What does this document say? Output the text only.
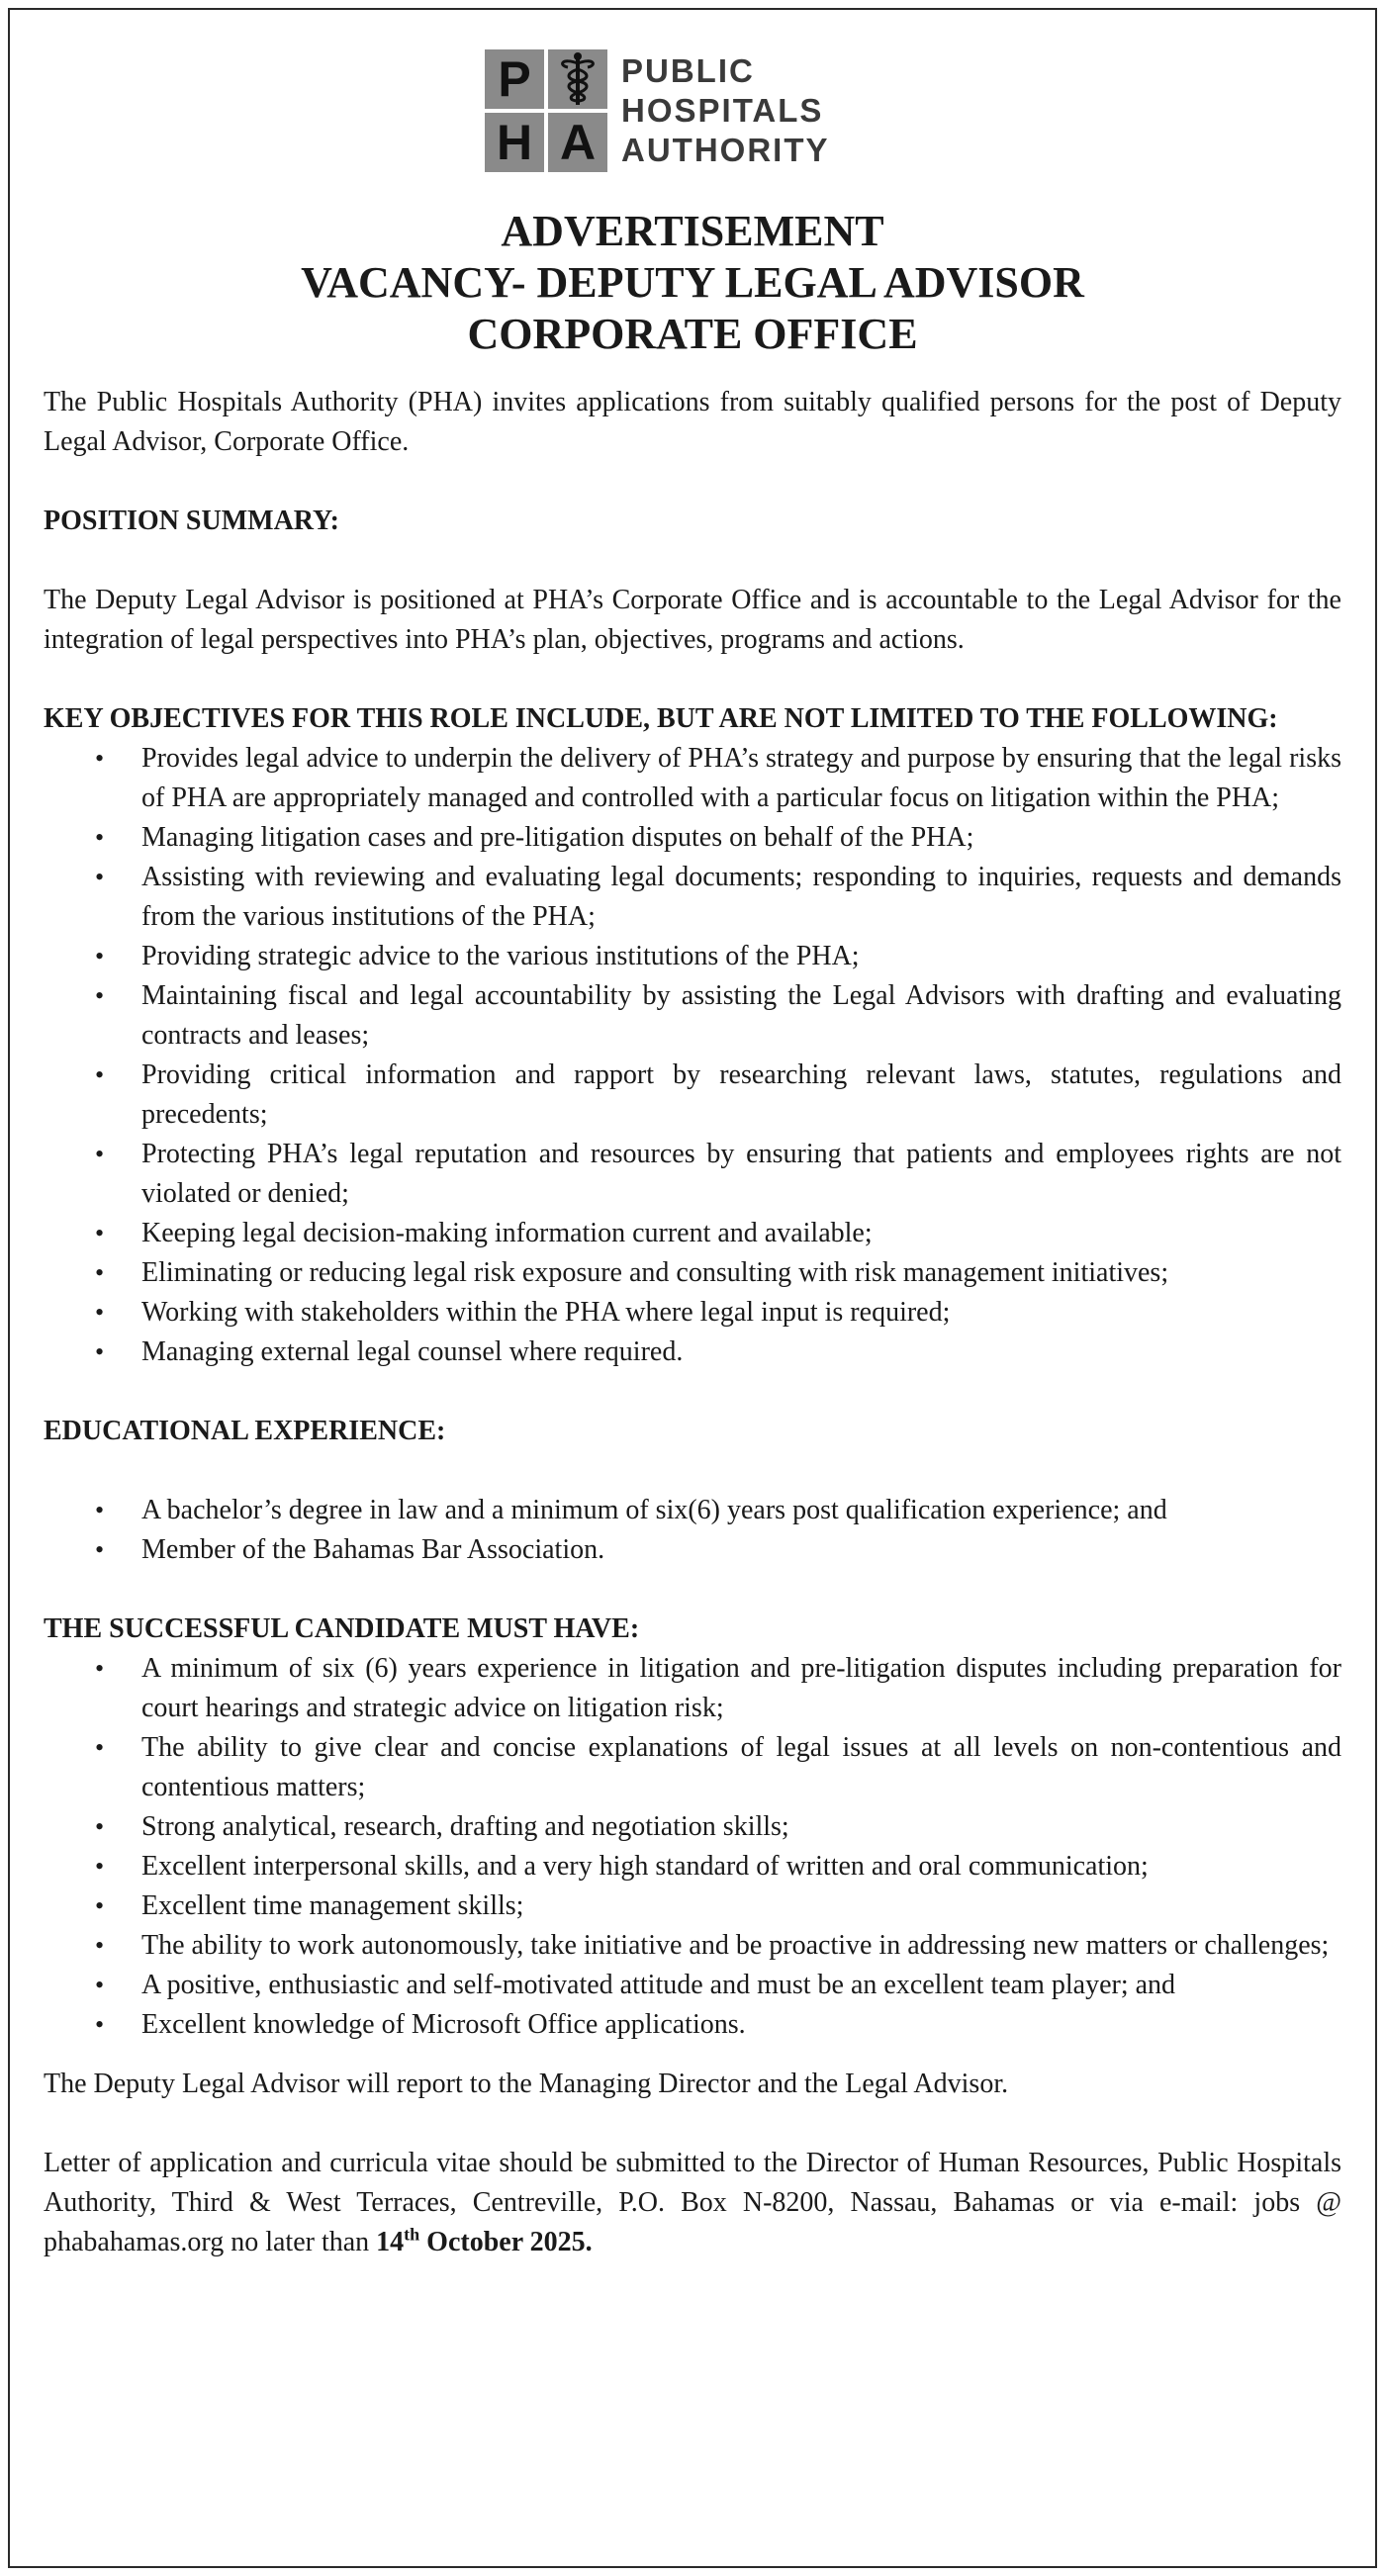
P
H A
PUBLIC
HOSPITALS
AUTHORITY
ADVERTISEMENT
VACANCY- DEPUTY LEGAL ADVISOR
CORPORATE OFFICE

The Public Hospitals Authority (PHA) invites applications from suitably qualified persons for the post of Deputy Legal Advisor, Corporate Office.

POSITION SUMMARY:

The Deputy Legal Advisor is positioned at PHA’s Corporate Office and is accountable to the Legal Advisor for the integration of legal perspectives into PHA’s plan, objectives, programs and actions.

KEY OBJECTIVES FOR THIS ROLE INCLUDE, BUT ARE NOT LIMITED TO THE FOLLOWING:

• Provides legal advice to underpin the delivery of PHA’s strategy and purpose by ensuring that the legal risks of PHA are appropriately managed and controlled with a particular focus on litigation within the PHA;
• Managing litigation cases and pre-litigation disputes on behalf of the PHA;
• Assisting with reviewing and evaluating legal documents; responding to inquiries, requests and demands from the various institutions of the PHA;
• Providing strategic advice to the various institutions of the PHA;
• Maintaining fiscal and legal accountability by assisting the Legal Advisors with drafting and evaluating contracts and leases;
• Providing critical information and rapport by researching relevant laws, statutes, regulations and precedents;
• Protecting PHA’s legal reputation and resources by ensuring that patients and employees rights are not violated or denied;
• Keeping legal decision-making information current and available;
• Eliminating or reducing legal risk exposure and consulting with risk management initiatives;
• Working with stakeholders within the PHA where legal input is required;
• Managing external legal counsel where required.

EDUCATIONAL EXPERIENCE:

• A bachelor’s degree in law and a minimum of six(6) years post qualification experience; and
• Member of the Bahamas Bar Association.

THE SUCCESSFUL CANDIDATE MUST HAVE:

• A minimum of six (6) years experience in litigation and pre-litigation disputes including preparation for court hearings and strategic advice on litigation risk;
• The ability to give clear and concise explanations of legal issues at all levels on non-contentious and contentious matters;
• Strong analytical, research, drafting and negotiation skills;
• Excellent interpersonal skills, and a very high standard of written and oral communication;
• Excellent time management skills;
• The ability to work autonomously, take initiative and be proactive in addressing new matters or challenges;
• A positive, enthusiastic and self-motivated attitude and must be an excellent team player; and
• Excellent knowledge of Microsoft Office applications.

The Deputy Legal Advisor will report to the Managing Director and the Legal Advisor.

Letter of application and curricula vitae should be submitted to the Director of Human Resources, Public Hospitals Authority, Third & West Terraces, Centreville, P.O. Box N-8200, Nassau, Bahamas or via e-mail: jobs @ phabahamas.org no later than 14th October 2025.
